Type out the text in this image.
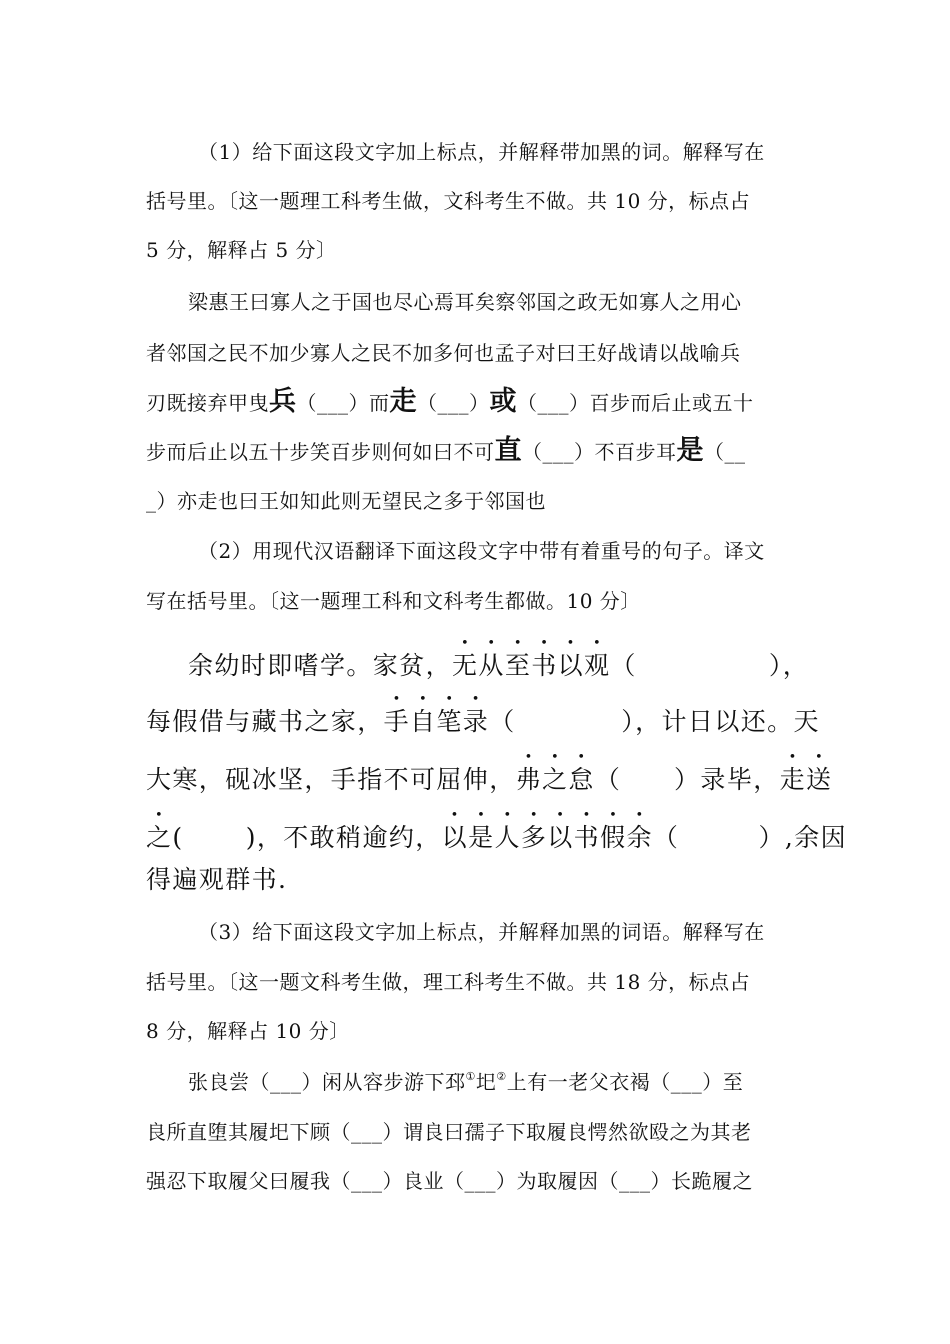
（1）给下面这段文字加上标点，并解释带加黑的词。解释写在
括号里。〔这一题理工科考生做，文科考生不做。共 10 分，标点占
5 分，解释占 5 分〕
梁惠王曰寡人之于国也尽心焉耳矣察邻国之政无如寡人之用心
者邻国之民不加少寡人之民不加多何也孟子对曰王好战请以战喻兵
刃既接弃甲曳兵（___）而走（___）或（___）百步而后止或五十
步而后止以五十步笑百步则何如曰不可直（___）不百步耳是（__
_）亦走也曰王如知此则无望民之多于邻国也
（2）用现代汉语翻译下面这段文字中带有着重号的句子。译文
写在括号里。〔这一题理工科和文科考生都做。10 分〕
余幼时即嗜学。家贫，无从至书以观（　　　　　），
每假借与藏书之家，手自笔录（　　　　），计日以还。天
大寒，砚冰坚，手指不可屈伸，弗之怠（　　）录毕，走送
之(　　 )，不敢稍逾约，以是人多以书假余（　　　）,余因
得遍观群书.
（3）给下面这段文字加上标点，并解释加黑的词语。解释写在
括号里。〔这一题文科考生做，理工科考生不做。共 18 分，标点占
8 分，解释占 10 分〕
张良尝（___）闲从容步游下邳①圯②上有一老父衣褐（___）至
良所直堕其履圯下顾（___）谓良曰孺子下取履良愕然欲殴之为其老
强忍下取履父曰履我（___）良业（___）为取履因（___）长跪履之
